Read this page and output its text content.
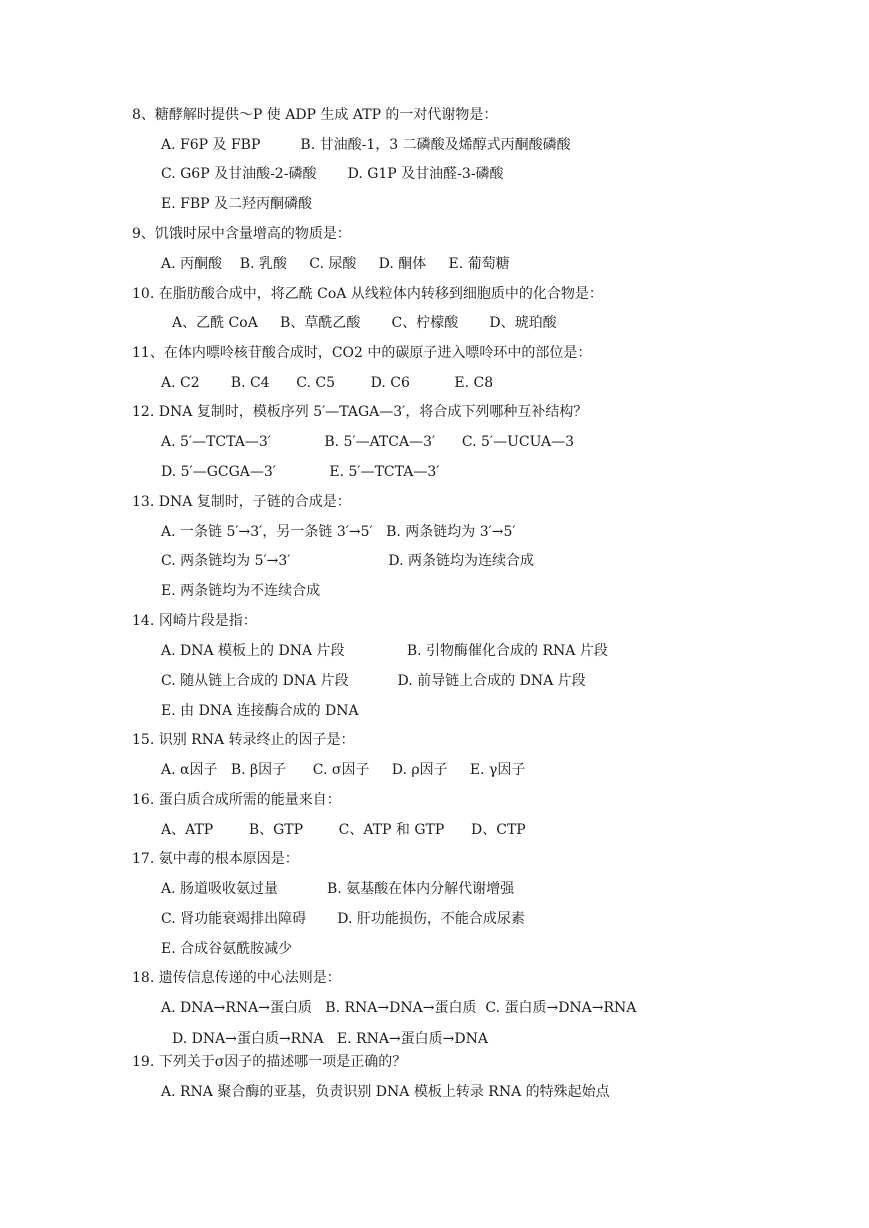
8、糖酵解时提供～P 使 ADP 生成 ATP 的一对代谢物是：
A. F6P 及 FBP         B. 甘油酸-1，3 二磷酸及烯醇式丙酮酸磷酸
C. G6P 及甘油酸-2-磷酸       D. G1P 及甘油醛-3-磷酸
E. FBP 及二羟丙酮磷酸
9、饥饿时尿中含量增高的物质是：
A. 丙酮酸    B. 乳酸     C. 尿酸     D. 酮体     E. 葡萄糖
10. 在脂肪酸合成中，将乙酰 CoA 从线粒体内转移到细胞质中的化合物是：
A、乙酰 CoA     B、草酰乙酸       C、柠檬酸       D、琥珀酸
11、在体内嘌呤核苷酸合成时，CO2 中的碳原子进入嘌呤环中的部位是：
A. C2       B. C4      C. C5        D. C6          E. C8
12. DNA 复制时，模板序列 5′—TAGA—3′，将合成下列哪种互补结构？
A. 5′—TCTA—3′            B. 5′—ATCA—3′      C. 5′—UCUA—3
D. 5′—GCGA—3′            E. 5′—TCTA—3′
13. DNA 复制时，子链的合成是：
A. 一条链 5′→3′，另一条链 3′→5′   B. 两条链均为 3′→5′
C. 两条链均为 5′→3′                      D. 两条链均为连续合成
E. 两条链均为不连续合成
14. 冈崎片段是指：
A. DNA 模板上的 DNA 片段              B. 引物酶催化合成的 RNA 片段
C. 随从链上合成的 DNA 片段           D. 前导链上合成的 DNA 片段
E. 由 DNA 连接酶合成的 DNA
15. 识别 RNA 转录终止的因子是：
A. α因子   B. β因子      C. σ因子     D. ρ因子     E. γ因子
16. 蛋白质合成所需的能量来自：
A、ATP        B、GTP        C、ATP 和 GTP      D、CTP
17. 氨中毒的根本原因是：
A. 肠道吸收氨过量           B. 氨基酸在体内分解代谢增强
C. 肾功能衰竭排出障碍       D. 肝功能损伤，不能合成尿素
E. 合成谷氨酰胺减少
18. 遗传信息传递的中心法则是：
A. DNA→RNA→蛋白质   B. RNA→DNA→蛋白质  C. 蛋白质→DNA→RNA
D. DNA→蛋白质→RNA   E. RNA→蛋白质→DNA
19. 下列关于σ因子的描述哪一项是正确的？
A. RNA 聚合酶的亚基，负责识别 DNA 模板上转录 RNA 的特殊起始点
